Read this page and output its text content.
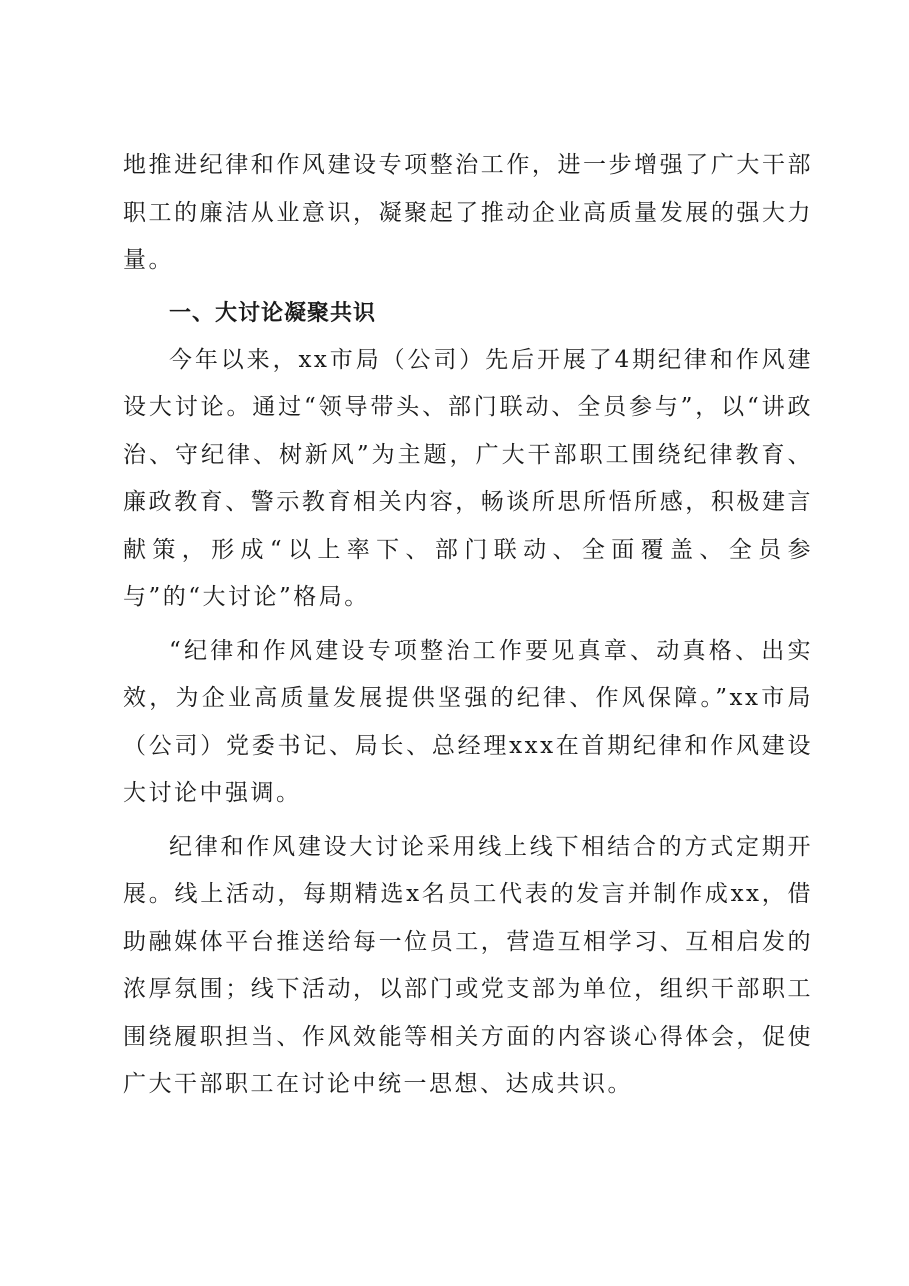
地推进纪律和作风建设专项整治工作，进一步增强了广大干部职工的廉洁从业意识，凝聚起了推动企业高质量发展的强大力量。

一、大讨论凝聚共识

今年以来，xx市局（公司）先后开展了4期纪律和作风建设大讨论。通过“领导带头、部门联动、全员参与”，以“讲政治、守纪律、树新风”为主题，广大干部职工围绕纪律教育、廉政教育、警示教育相关内容，畅谈所思所悟所感，积极建言献策，形成“以上率下、部门联动、全面覆盖、全员参与”的“大讨论”格局。

“纪律和作风建设专项整治工作要见真章、动真格、出实效，为企业高质量发展提供坚强的纪律、作风保障。”xx市局（公司）党委书记、局长、总经理xxx在首期纪律和作风建设大讨论中强调。

纪律和作风建设大讨论采用线上线下相结合的方式定期开展。线上活动，每期精选x名员工代表的发言并制作成xx，借助融媒体平台推送给每一位员工，营造互相学习、互相启发的浓厚氛围；线下活动，以部门或党支部为单位，组织干部职工围绕履职担当、作风效能等相关方面的内容谈心得体会，促使广大干部职工在讨论中统一思想、达成共识。
